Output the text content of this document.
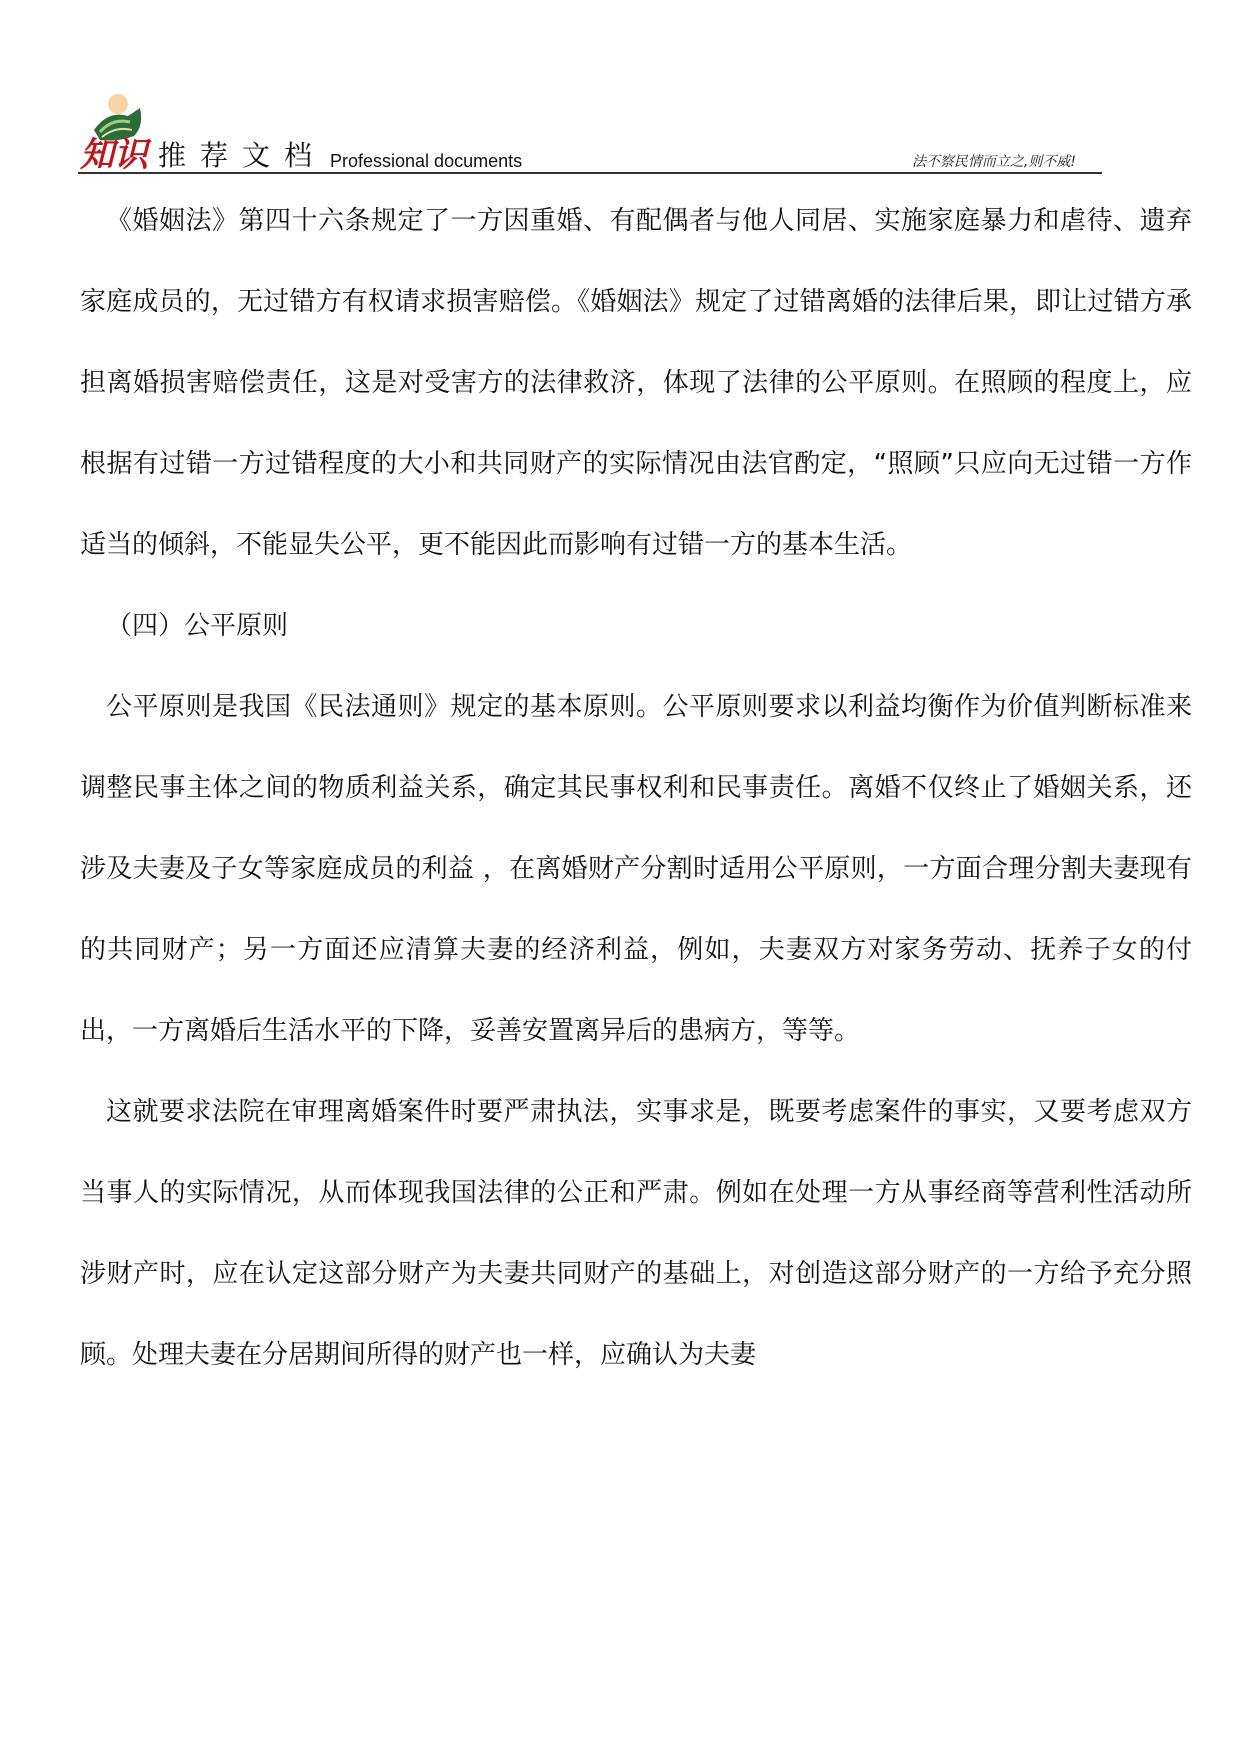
知识 推荐文档 Professional documents	法不察民情而立之,则不威!

《婚姻法》第四十六条规定了一方因重婚、有配偶者与他人同居、实施家庭暴力和虐待、遗弃家庭成员的，无过错方有权请求损害赔偿。《婚姻法》规定了过错离婚的法律后果，即让过错方承担离婚损害赔偿责任，这是对受害方的法律救济，体现了法律的公平原则。在照顾的程度上，应根据有过错一方过错程度的大小和共同财产的实际情况由法官酌定，“照顾”只应向无过错一方作适当的倾斜，不能显失公平，更不能因此而影响有过错一方的基本生活。

（四）公平原则

公平原则是我国《民法通则》规定的基本原则。公平原则要求以利益均衡作为价值判断标准来 调整民事主体之间的物质利益关系，确定其民事权利和民事责任。离婚不仅终止了婚姻关系，还涉及夫妻及子女等家庭成员的利益 ，在离婚财产分割时适用公平原则，一方面合理分割夫妻现有的共同财产；另一方面还应清算夫妻的经济利益，例如，夫妻双方对家务劳动、抚养子女的付出，一方离婚后生活水平的下降，妥善安置离异后的患病方，等等。

这就要求法院在审理离婚案件时要严肃执法，实事求是，既要考虑案件的事实，又要考虑双方 当事人的实际情况，从而体现我国法律的公正和严肃。例如在处理一方从事经商等营利性活动所涉财产时，应在认定这部分财产为夫妻共同财产的基础上，对创造这部分财产的一方给予充分照顾。处理夫妻在分居期间所得的财产也一样，应确认为夫妻
